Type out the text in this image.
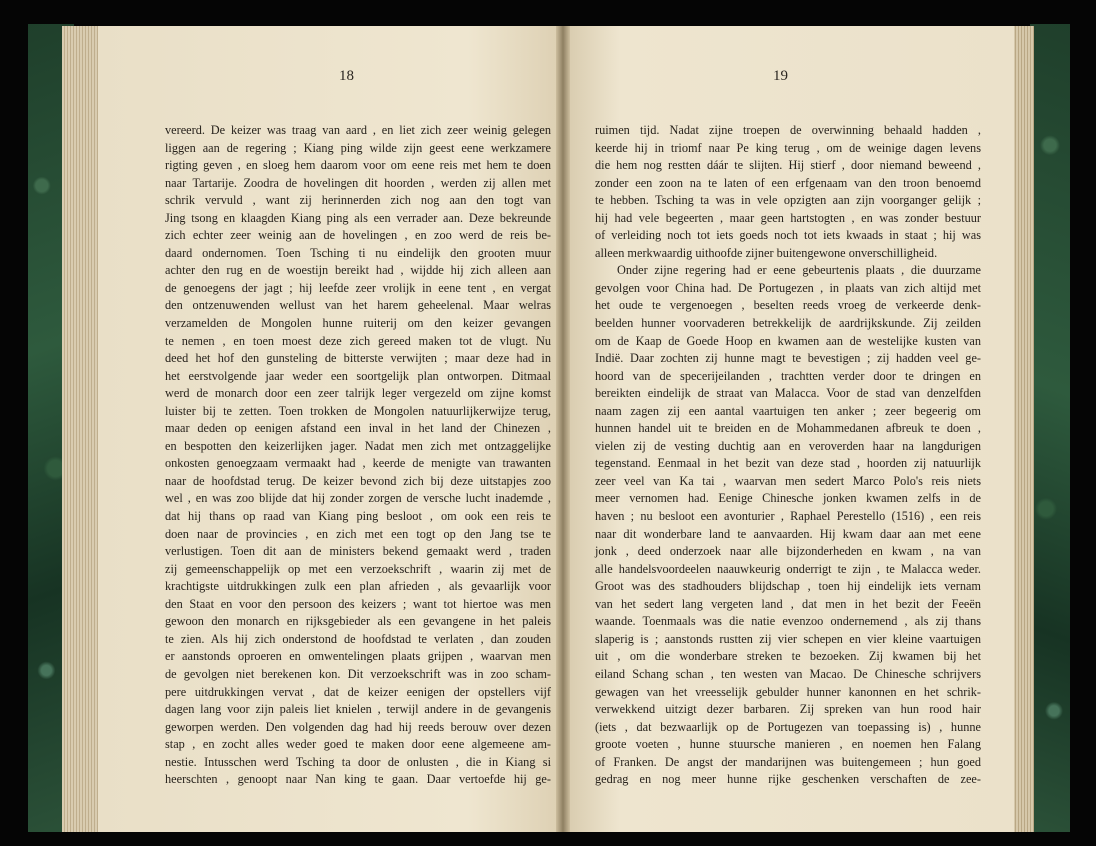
18	19
vereerd. De keizer was traag van aard , en liet zich zeer weinig gelegen
liggen aan de regering ; Kiang ping wilde zijn geest eene werkzamere
rigting geven , en sloeg hem daarom voor om eene reis met hem te doen
naar Tartarije. Zoodra de hovelingen dit hoorden , werden zij allen met
schrik vervuld , want zij herinnerden zich nog aan den togt van
Jing tsong en klaagden Kiang ping als een verrader aan. Deze bekreunde
zich echter zeer weinig aan de hovelingen , en zoo werd de reis be-
daard ondernomen. Toen Tsching ti nu eindelijk den grooten muur
achter den rug en de woestijn bereikt had , wijdde hij zich alleen aan
de genoegens der jagt ; hij leefde zeer vrolijk in eene tent , en vergat
den ontzenuwenden wellust van het harem geheelenal. Maar welras
verzamelden de Mongolen hunne ruiterij om den keizer gevangen
te nemen , en toen moest deze zich gereed maken tot de vlugt. Nu
deed het hof den gunsteling de bitterste verwijten ; maar deze had in
het eerstvolgende jaar weder een soortgelijk plan ontworpen. Ditmaal
werd de monarch door een zeer talrijk leger vergezeld om zijne komst
luister bij te zetten. Toen trokken de Mongolen natuurlijkerwijze terug,
maar deden op eenigen afstand een inval in het land der Chinezen ,
en bespotten den keizerlijken jager. Nadat men zich met ontzaggelijke
onkosten genoegzaam vermaakt had , keerde de menigte van trawanten
naar de hoofdstad terug. De keizer bevond zich bij deze uitstapjes zoo
wel , en was zoo blijde dat hij zonder zorgen de versche lucht inademde ,
dat hij thans op raad van Kiang ping besloot , om ook een reis te
doen naar de provincies , en zich met een togt op den Jang tse te
verlustigen. Toen dit aan de ministers bekend gemaakt werd , traden
zij gemeenschappelijk op met een verzoekschrift , waarin zij met de
krachtigste uitdrukkingen zulk een plan afrieden , als gevaarlijk voor
den Staat en voor den persoon des keizers ; want tot hiertoe was men
gewoon den monarch en rijksgebieder als een gevangene in het paleis
te zien. Als hij zich onderstond de hoofdstad te verlaten , dan zouden
er aanstonds oproeren en omwentelingen plaats grijpen , waarvan men
de gevolgen niet berekenen kon. Dit verzoekschrift was in zoo scham-
pere uitdrukkingen vervat , dat de keizer eenigen der opstellers vijf
dagen lang voor zijn paleis liet knielen , terwijl andere in de gevangenis
geworpen werden. Den volgenden dag had hij reeds berouw over dezen
stap , en zocht alles weder goed te maken door eene algemeene am-
nestie. Intusschen werd Tsching ta door de onlusten , die in Kiang si
heerschten , genoopt naar Nan king te gaan. Daar vertoefde hij ge-
ruimen tijd. Nadat zijne troepen de overwinning behaald hadden ,
keerde hij in triomf naar Pe king terug , om de weinige dagen levens
die hem nog restten dáár te slijten. Hij stierf , door niemand beweend ,
zonder een zoon na te laten of een erfgenaam van den troon benoemd
te hebben. Tsching ta was in vele opzigten aan zijn voorganger gelijk ;
hij had vele begeerten , maar geen hartstogten , en was zonder bestuur
of verleiding noch tot iets goeds noch tot iets kwaads in staat ; hij was
alleen merkwaardig uithoofde zijner buitengewone onverschilligheid.
Onder zijne regering had er eene gebeurtenis plaats , die duurzame
gevolgen voor China had. De Portugezen , in plaats van zich altijd met
het oude te vergenoegen , beselten reeds vroeg de verkeerde denk-
beelden hunner voorvaderen betrekkelijk de aardrijkskunde. Zij zeilden
om de Kaap de Goede Hoop en kwamen aan de westelijke kusten van
Indië. Daar zochten zij hunne magt te bevestigen ; zij hadden veel ge-
hoord van de specerijeilanden , trachtten verder door te dringen en
bereikten eindelijk de straat van Malacca. Voor de stad van denzelfden
naam zagen zij een aantal vaartuigen ten anker ; zeer begeerig om
hunnen handel uit te breiden en de Mohammedanen afbreuk te doen ,
vielen zij de vesting duchtig aan en veroverden haar na langdurigen
tegenstand. Eenmaal in het bezit van deze stad , hoorden zij natuurlijk
zeer veel van Ka tai , waarvan men sedert Marco Polo's reis niets
meer vernomen had. Eenige Chinesche jonken kwamen zelfs in de
haven ; nu besloot een avonturier , Raphael Perestello (1516) , een reis
naar dit wonderbare land te aanvaarden. Hij kwam daar aan met eene
jonk , deed onderzoek naar alle bijzonderheden en kwam , na van
alle handelsvoordeelen naauwkeurig onderrigt te zijn , te Malacca weder.
Groot was des stadhouders blijdschap , toen hij eindelijk iets vernam
van het sedert lang vergeten land , dat men in het bezit der Feeën
waande. Toenmaals was die natie evenzoo ondernemend , als zij thans
slaperig is ; aanstonds rustten zij vier schepen en vier kleine vaartuigen
uit , om die wonderbare streken te bezoeken. Zij kwamen bij het
eiland Schang schan , ten westen van Macao. De Chinesche schrijvers
gewagen van het vreesselijk gebulder hunner kanonnen en het schrik-
verwekkend uitzigt dezer barbaren. Zij spreken van hun rood hair
(iets , dat bezwaarlijk op de Portugezen van toepassing is) , hunne
groote voeten , hunne stuursche manieren , en noemen hen Falang
of Franken. De angst der mandarijnen was buitengemeen ; hun goed
gedrag en nog meer hunne rijke geschenken verschaften de zee-
